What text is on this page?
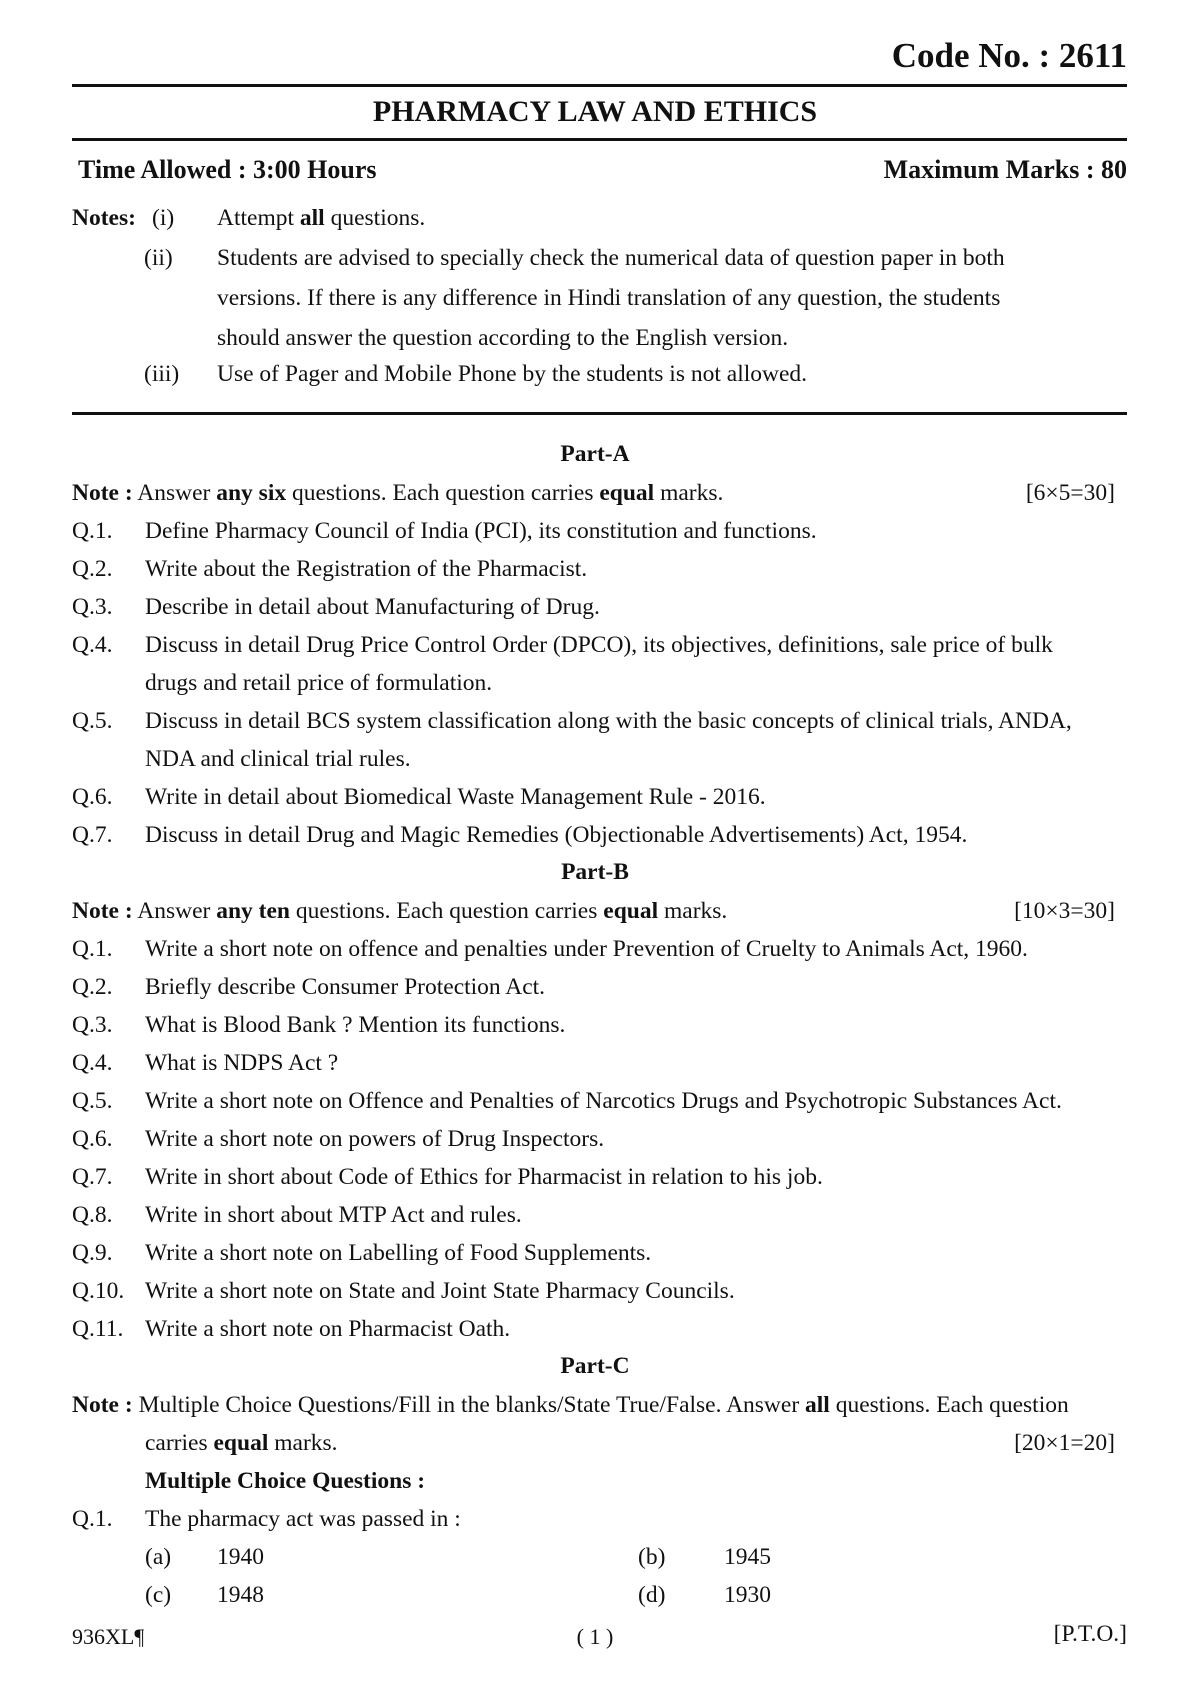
Code No. : 2611
PHARMACY LAW AND ETHICS
Time Allowed : 3:00 Hours	Maximum Marks : 80
Notes: (i) Attempt all questions.
(ii) Students are advised to specially check the numerical data of question paper in both
versions. If there is any difference in Hindi translation of any question, the students
should answer the question according to the English version.
(iii) Use of Pager and Mobile Phone by the students is not allowed.
Part-A
Note : Answer any six questions. Each question carries equal marks.	[6×5=30]
Q.1. Define Pharmacy Council of India (PCI), its constitution and functions.
Q.2. Write about the Registration of the Pharmacist.
Q.3. Describe in detail about Manufacturing of Drug.
Q.4. Discuss in detail Drug Price Control Order (DPCO), its objectives, definitions, sale price of bulk
drugs and retail price of formulation.
Q.5. Discuss in detail BCS system classification along with the basic concepts of clinical trials, ANDA,
NDA and clinical trial rules.
Q.6. Write in detail about Biomedical Waste Management Rule - 2016.
Q.7. Discuss in detail Drug and Magic Remedies (Objectionable Advertisements) Act, 1954.
Part-B
Note : Answer any ten questions. Each question carries equal marks.	[10×3=30]
Q.1. Write a short note on offence and penalties under Prevention of Cruelty to Animals Act, 1960.
Q.2. Briefly describe Consumer Protection Act.
Q.3. What is Blood Bank ? Mention its functions.
Q.4. What is NDPS Act ?
Q.5. Write a short note on Offence and Penalties of Narcotics Drugs and Psychotropic Substances Act.
Q.6. Write a short note on powers of Drug Inspectors.
Q.7. Write in short about Code of Ethics for Pharmacist in relation to his job.
Q.8. Write in short about MTP Act and rules.
Q.9. Write a short note on Labelling of Food Supplements.
Q.10. Write a short note on State and Joint State Pharmacy Councils.
Q.11. Write a short note on Pharmacist Oath.
Part-C
Note : Multiple Choice Questions/Fill in the blanks/State True/False. Answer all questions. Each question
carries equal marks.	[20×1=20]
Multiple Choice Questions :
Q.1. The pharmacy act was passed in :
(a) 1940	(b) 1945
(c) 1948	(d) 1930
936XL¶	( 1 )	[P.T.O.]
